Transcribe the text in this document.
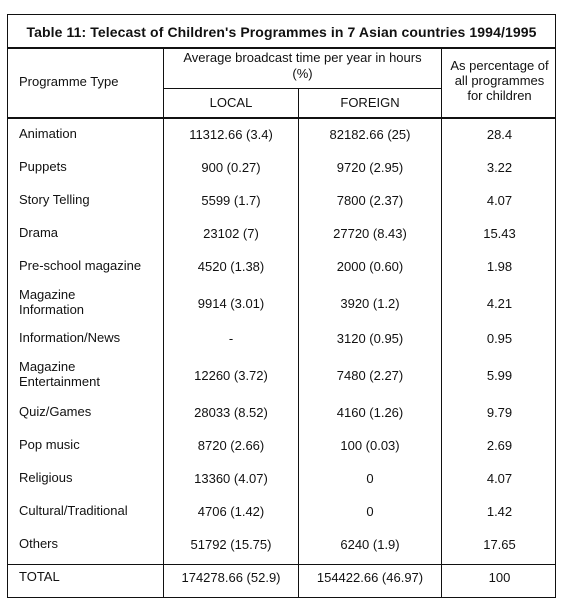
Table 11: Telecast of Children's Programmes in 7 Asian countries 1994/1995
Programme Type
Average broadcast time per year in hours
(%)
LOCAL	FOREIGN
As percentage of
all programmes
for children
Animation	11312.66 (3.4)	82182.66 (25)	28.4
Puppets	900 (0.27)	9720 (2.95)	3.22
Story Telling	5599 (1.7)	7800 (2.37)	4.07
Drama	23102 (7)	27720 (8.43)	15.43
Pre-school magazine	4520 (1.38)	2000 (0.60)	1.98
Magazine
Information	9914 (3.01)	3920 (1.2)	4.21
Information/News	-	3120 (0.95)	0.95
Magazine
Entertainment	12260 (3.72)	7480 (2.27)	5.99
Quiz/Games	28033 (8.52)	4160 (1.26)	9.79
Pop music	8720 (2.66)	100 (0.03)	2.69
Religious	13360 (4.07)	0	4.07
Cultural/Traditional	4706 (1.42)	0	1.42
Others	51792 (15.75)	6240 (1.9)	17.65
TOTAL	174278.66 (52.9)	154422.66 (46.97)	100
